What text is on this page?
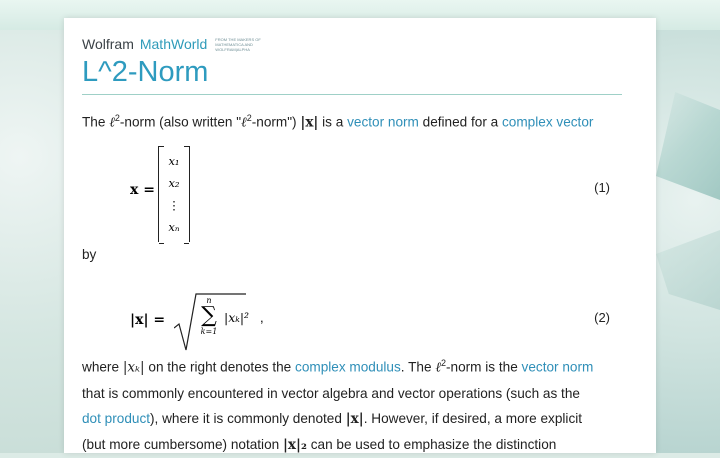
Wolfram MathWorld FROM THE MAKERS OF MATHEMATICA AND WOLFRAM|ALPHA
L^2-Norm
The ℓ$^2$-norm (also written "ℓ$^2$-norm") |x| is a vector norm defined for a complex vector
x =
x₁
x₂
⋮
xₙ
(1)
by
|x| =
n
∑
k=1
|xₖ|² ,	(2)
where |xₖ| on the right denotes the complex modulus. The ℓ$^2$-norm is the vector norm
that is commonly encountered in vector algebra and vector operations (such as the
dot product), where it is commonly denoted |x|. However, if desired, a more explicit
(but more cumbersome) notation |x|₂ can be used to emphasize the distinction
